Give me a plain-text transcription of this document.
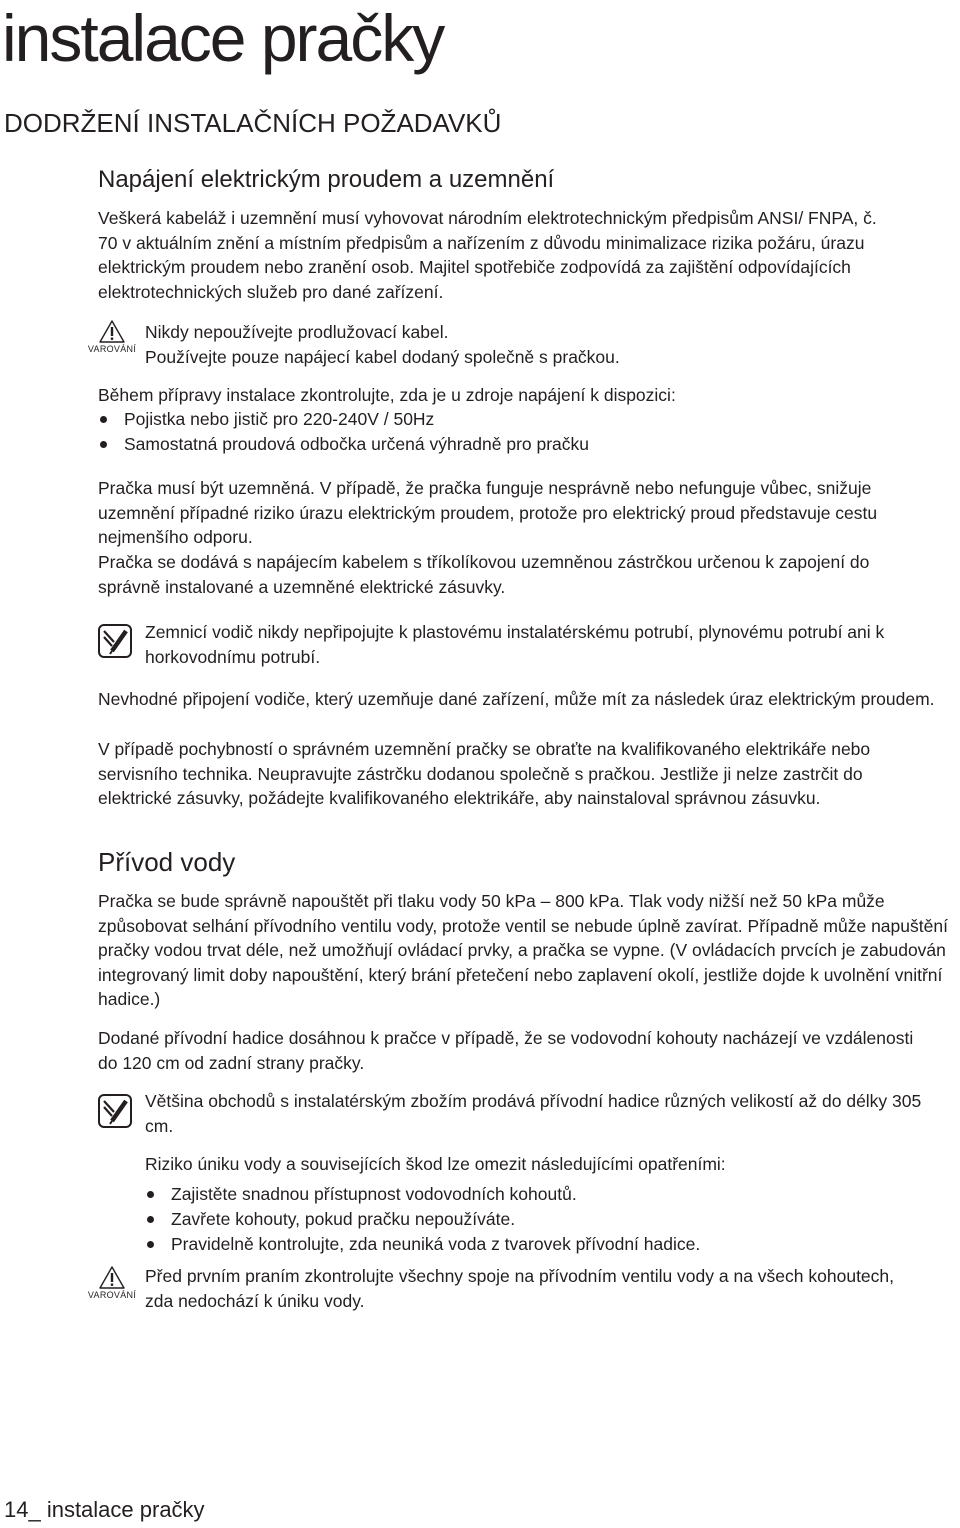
instalace pračky
DODRŽENÍ INSTALAČNÍCH POŽADAVKŮ
Napájení elektrickým proudem a uzemnění

Veškerá kabeláž i uzemnění musí vyhovovat národním elektrotechnickým předpisům ANSI/ FNPA, č. 70 v aktuálním znění a místním předpisům a nařízením z důvodu minimalizace rizika požáru, úrazu elektrickým proudem nebo zranění osob. Majitel spotřebiče zodpovídá za zajištění odpovídajících elektrotechnických služeb pro dané zařízení.

VAROVÁNÍ

Nikdy nepoužívejte prodlužovací kabel.

Používejte pouze napájecí kabel dodaný společně s pračkou.

Během přípravy instalace zkontrolujte, zda je u zdroje napájení k dispozici:

Pojistka nebo jistič pro 220-240V / 50Hz
Samostatná proudová odbočka určená výhradně pro pračku

Pračka musí být uzemněná. V případě, že pračka funguje nesprávně nebo nefunguje vůbec, snižuje uzemnění případné riziko úrazu elektrickým proudem, protože pro elektrický proud představuje cestu nejmenšího odporu.

Pračka se dodává s napájecím kabelem s tříkolíkovou uzemněnou zástrčkou určenou k zapojení do správně instalované a uzemněné elektrické zásuvky.

Zemnicí vodič nikdy nepřipojujte k plastovému instalatérskému potrubí, plynovému potrubí ani k horkovodnímu potrubí.

Nevhodné připojení vodiče, který uzemňuje dané zařízení, může mít za následek úraz elektrickým proudem.

V případě pochybností o správném uzemnění pračky se obraťte na kvalifikovaného elektrikáře nebo servisního technika. Neupravujte zástrčku dodanou společně s pračkou. Jestliže ji nelze zastrčit do elektrické zásuvky, požádejte kvalifikovaného elektrikáře, aby nainstaloval správnou zásuvku.

Přívod vody

Pračka se bude správně napouštět při tlaku vody 50 kPa – 800 kPa. Tlak vody nižší než 50 kPa může způsobovat selhání přívodního ventilu vody, protože ventil se nebude úplně zavírat. Případně může napuštění pračky vodou trvat déle, než umožňují ovládací prvky, a pračka se vypne. (V ovládacích prvcích je zabudován integrovaný limit doby napouštění, který brání přetečení nebo zaplavení okolí, jestliže dojde k uvolnění vnitřní hadice.)

Dodané přívodní hadice dosáhnou k pračce v případě, že se vodovodní kohouty nacházejí ve vzdálenosti do 120 cm od zadní strany pračky.

Většina obchodů s instalatérským zbožím prodává přívodní hadice různých velikostí až do délky 305 cm.

Riziko úniku vody a souvisejících škod lze omezit následujícími opatřeními:

Zajistěte snadnou přístupnost vodovodních kohoutů.
Zavřete kohouty, pokud pračku nepoužíváte.
Pravidelně kontrolujte, zda neuniká voda z tvarovek přívodní hadice.
VAROVÁNÍ

Před prvním praním zkontrolujte všechny spoje na přívodním ventilu vody a na všech kohoutech, zda nedochází k úniku vody.

14_ instalace pračky
